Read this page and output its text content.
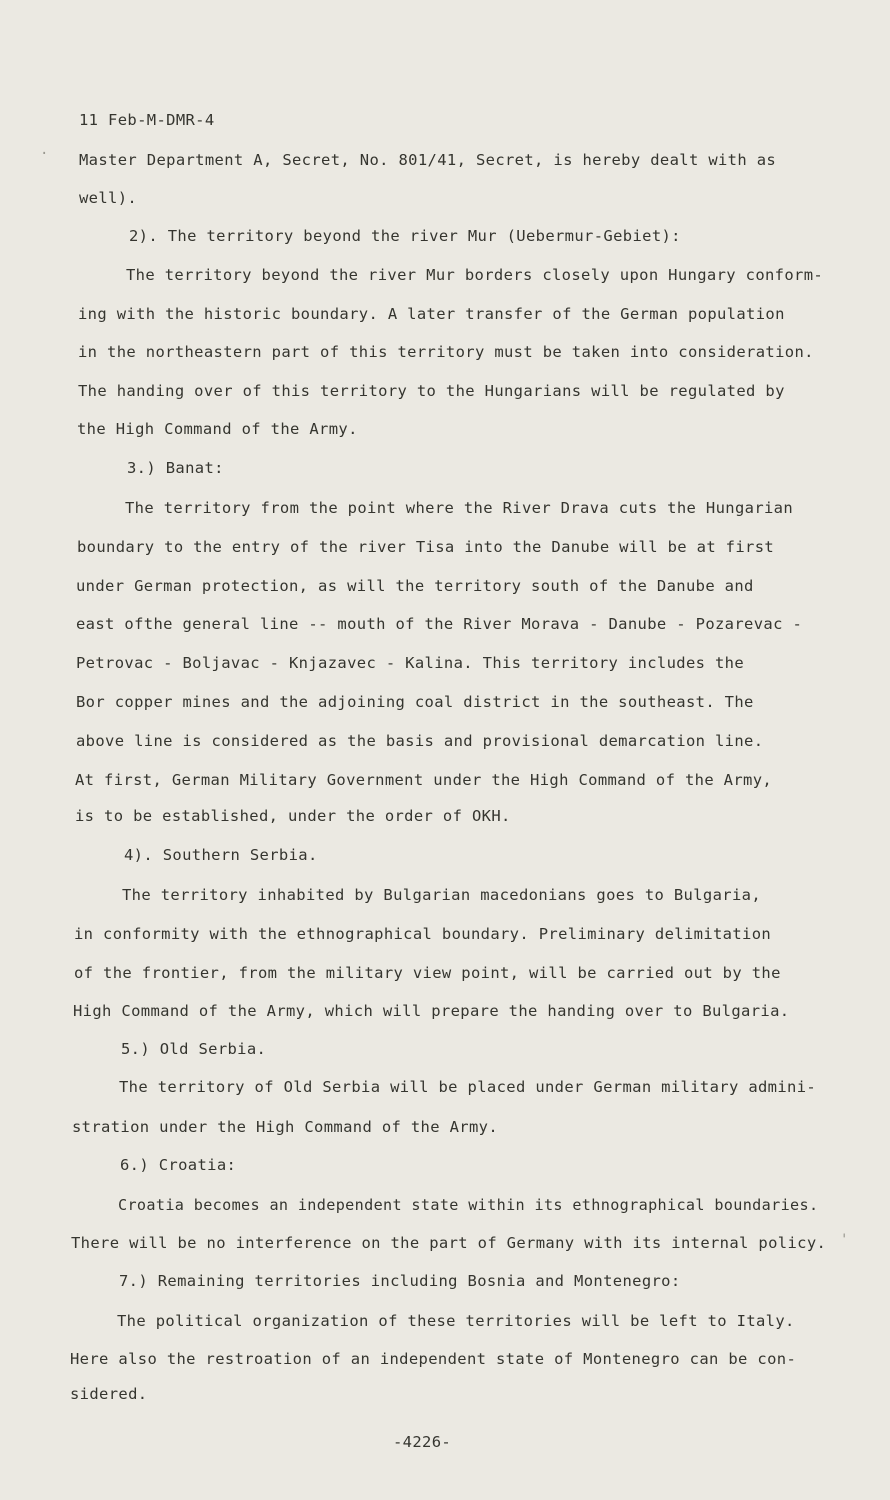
·
'
11 Feb-M-DMR-4
Master Department A, Secret, No. 801/41, Secret, is hereby dealt with as
well).
2). The territory beyond the river Mur (Uebermur-Gebiet):
The territory beyond the river Mur borders closely upon Hungary conform-
ing with the historic boundary. A later transfer of the German population
in the northeastern part of this territory must be taken into consideration.
The handing over of this territory to the Hungarians will be regulated by
the High Command of the Army.
3.) Banat:
The territory from the point where the River Drava cuts the Hungarian
boundary to the entry of the river Tisa into the Danube will be at first
under German protection, as will the territory south of the Danube and
east ofthe general line -- mouth of the River Morava - Danube - Pozarevac -
Petrovac - Boljavac - Knjazavec - Kalina. This territory includes the
Bor copper mines and the adjoining coal district in the southeast. The
above line is considered as the basis and provisional demarcation line.
At first, German Military Government under the High Command of the Army,
is to be established, under the order of OKH.
4). Southern Serbia.
The territory inhabited by Bulgarian macedonians goes to Bulgaria,
in conformity with the ethnographical boundary. Preliminary delimitation
of the frontier, from the military view point, will be carried out by the
High Command of the Army, which will prepare the handing over to Bulgaria.
5.) Old Serbia.
The territory of Old Serbia will be placed under German military admini-
stration under the High Command of the Army.
6.) Croatia:
Croatia becomes an independent state within its ethnographical boundaries.
There will be no interference on the part of Germany with its internal policy.
7.) Remaining territories including Bosnia and Montenegro:
The political organization of these territories will be left to Italy.
Here also the restroation of an independent state of Montenegro can be con-
sidered.
-4226-
